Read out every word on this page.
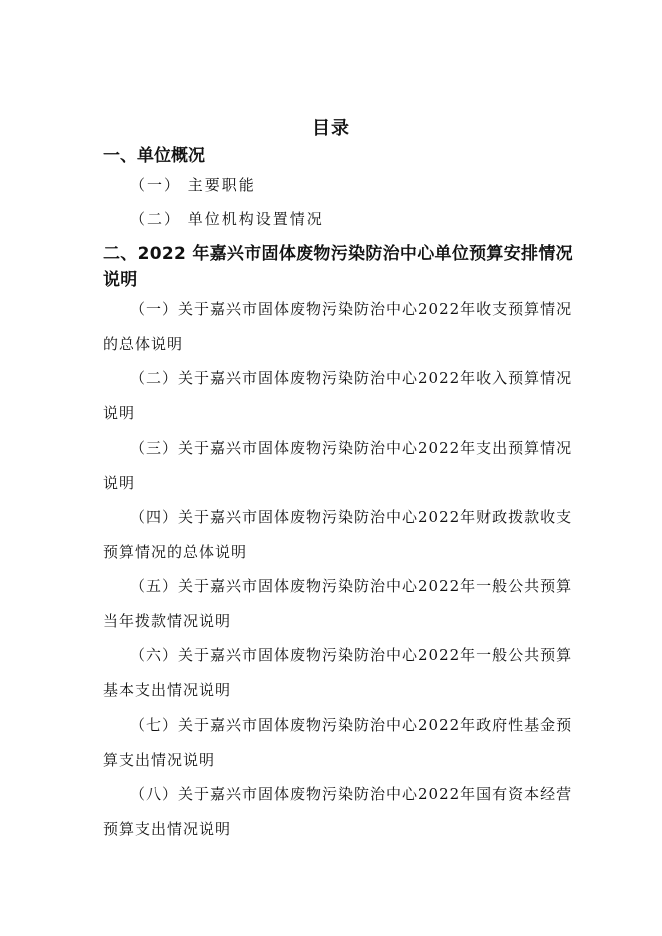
目录
一、单位概况
（一） 主要职能
（二） 单位机构设置情况
二、2022 年嘉兴市固体废物污染防治中心单位预算安排情况说明
（一）关于嘉兴市固体废物污染防治中心2022年收支预算情况的总体说明
（二）关于嘉兴市固体废物污染防治中心2022年收入预算情况说明
（三）关于嘉兴市固体废物污染防治中心2022年支出预算情况说明
（四）关于嘉兴市固体废物污染防治中心2022年财政拨款收支预算情况的总体说明
（五）关于嘉兴市固体废物污染防治中心2022年一般公共预算当年拨款情况说明
（六）关于嘉兴市固体废物污染防治中心2022年一般公共预算基本支出情况说明
（七）关于嘉兴市固体废物污染防治中心2022年政府性基金预算支出情况说明
（八）关于嘉兴市固体废物污染防治中心2022年国有资本经营预算支出情况说明
